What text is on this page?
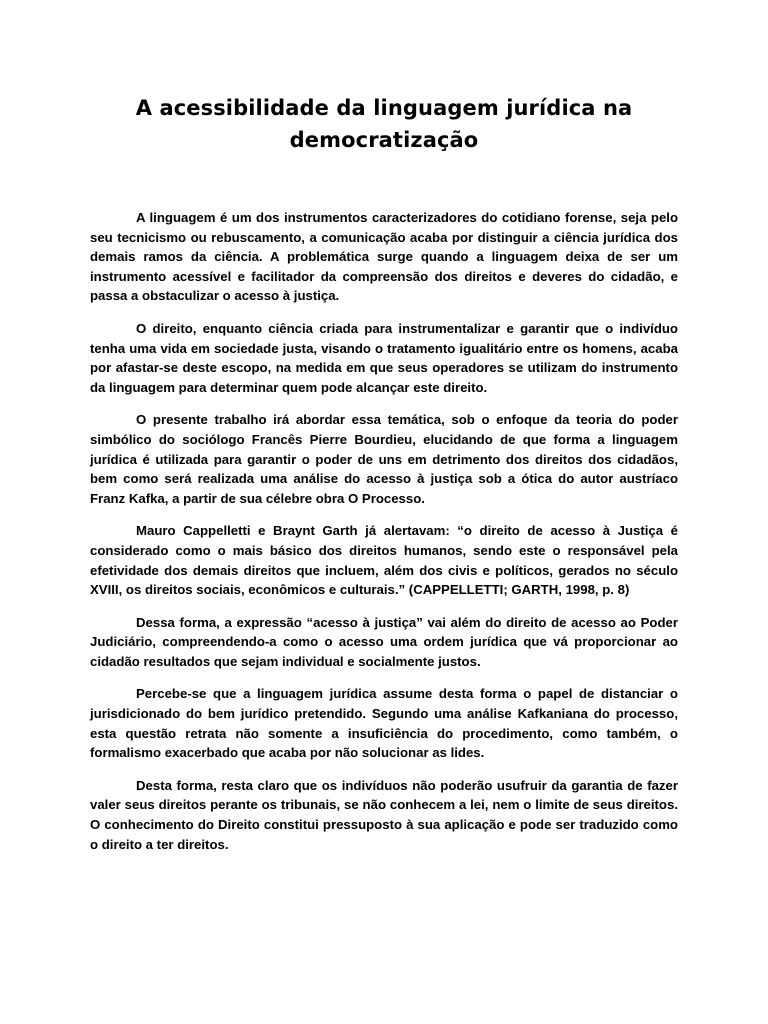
A acessibilidade da linguagem jurídica na democratização

A linguagem é um dos instrumentos caracterizadores do cotidiano forense, seja pelo seu tecnicismo ou rebuscamento, a comunicação acaba por distinguir a ciência jurídica dos demais ramos da ciência. A problemática surge quando a linguagem deixa de ser um instrumento acessível e facilitador da compreensão dos direitos e deveres do cidadão, e passa a obstaculizar o acesso à justiça.

O direito, enquanto ciência criada para instrumentalizar e garantir que o indivíduo tenha uma vida em sociedade justa, visando o tratamento igualitário entre os homens, acaba por afastar-se deste escopo, na medida em que seus operadores se utilizam do instrumento da linguagem para determinar quem pode alcançar este direito.

O presente trabalho irá abordar essa temática, sob o enfoque da teoria do poder simbólico do sociólogo Francês Pierre Bourdieu, elucidando de que forma a linguagem jurídica é utilizada para garantir o poder de uns em detrimento dos direitos dos cidadãos, bem como será realizada uma análise do acesso à justiça sob a ótica do autor austríaco Franz Kafka, a partir de sua célebre obra O Processo.

Mauro Cappelletti e Braynt Garth já alertavam: “o direito de acesso à Justiça é considerado como o mais básico dos direitos humanos, sendo este o responsável pela efetividade dos demais direitos que incluem, além dos civis e políticos, gerados no século XVIII, os direitos sociais, econômicos e culturais.” (CAPPELLETTI; GARTH, 1998, p. 8)

Dessa forma, a expressão “acesso à justiça” vai além do direito de acesso ao Poder Judiciário, compreendendo-a como o acesso uma ordem jurídica que vá proporcionar ao cidadão resultados que sejam individual e socialmente justos.

Percebe-se que a linguagem jurídica assume desta forma o papel de distanciar o jurisdicionado do bem jurídico pretendido. Segundo uma análise Kafkaniana do processo, esta questão retrata não somente a insuficiência do procedimento, como também, o formalismo exacerbado que acaba por não solucionar as lides.

Desta forma, resta claro que os indivíduos não poderão usufruir da garantia de fazer valer seus direitos perante os tribunais, se não conhecem a lei, nem o limite de seus direitos. O conhecimento do Direito constitui pressuposto à sua aplicação e pode ser traduzido como o direito a ter direitos.
